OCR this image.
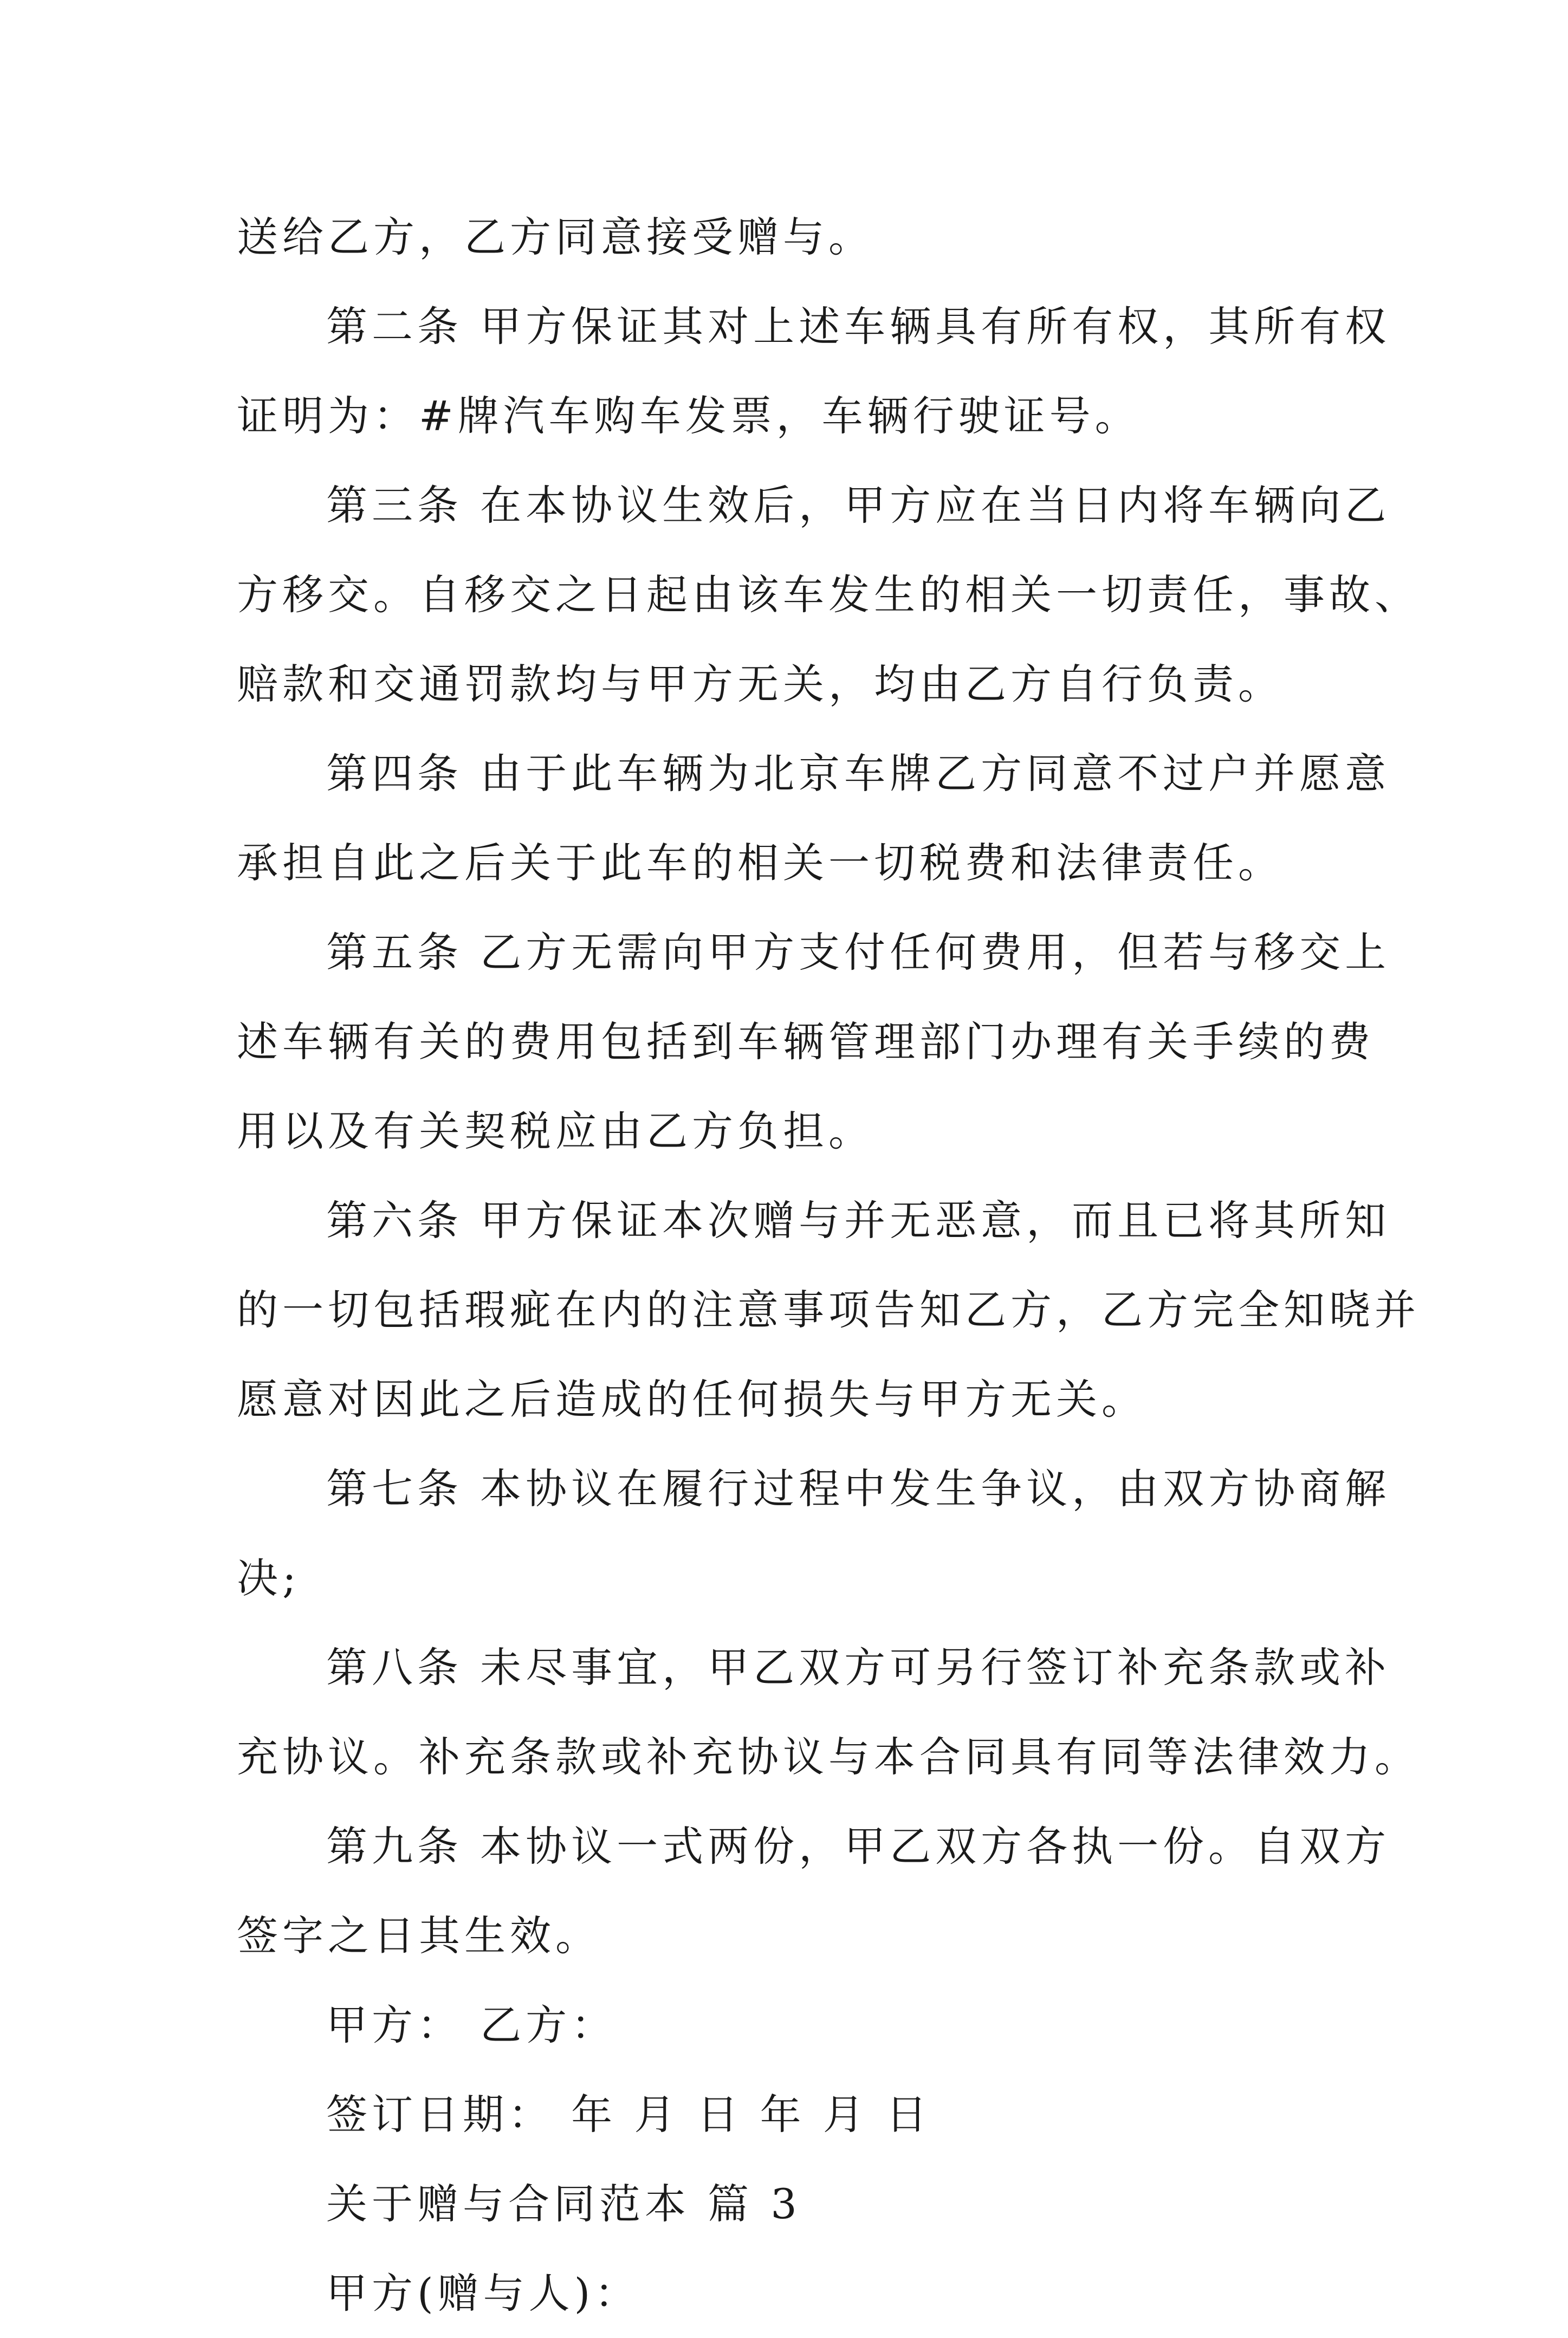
送给乙方，乙方同意接受赠与。
第二条 甲方保证其对上述车辆具有所有权，其所有权
证明为：#牌汽车购车发票，车辆行驶证号。
第三条 在本协议生效后，甲方应在当日内将车辆向乙
方移交。自移交之日起由该车发生的相关一切责任，事故、
赔款和交通罚款均与甲方无关，均由乙方自行负责。
第四条 由于此车辆为北京车牌乙方同意不过户并愿意
承担自此之后关于此车的相关一切税费和法律责任。
第五条 乙方无需向甲方支付任何费用，但若与移交上
述车辆有关的费用包括到车辆管理部门办理有关手续的费
用以及有关契税应由乙方负担。
第六条 甲方保证本次赠与并无恶意，而且已将其所知
的一切包括瑕疵在内的注意事项告知乙方，乙方完全知晓并
愿意对因此之后造成的任何损失与甲方无关。
第七条 本协议在履行过程中发生争议，由双方协商解
决;
第八条 未尽事宜，甲乙双方可另行签订补充条款或补
充协议。补充条款或补充协议与本合同具有同等法律效力。
第九条 本协议一式两份，甲乙双方各执一份。自双方
签字之日其生效。
甲方： 乙方：
签订日期： 年 月 日 年 月 日
关于赠与合同范本 篇 3
甲方(赠与人)：
